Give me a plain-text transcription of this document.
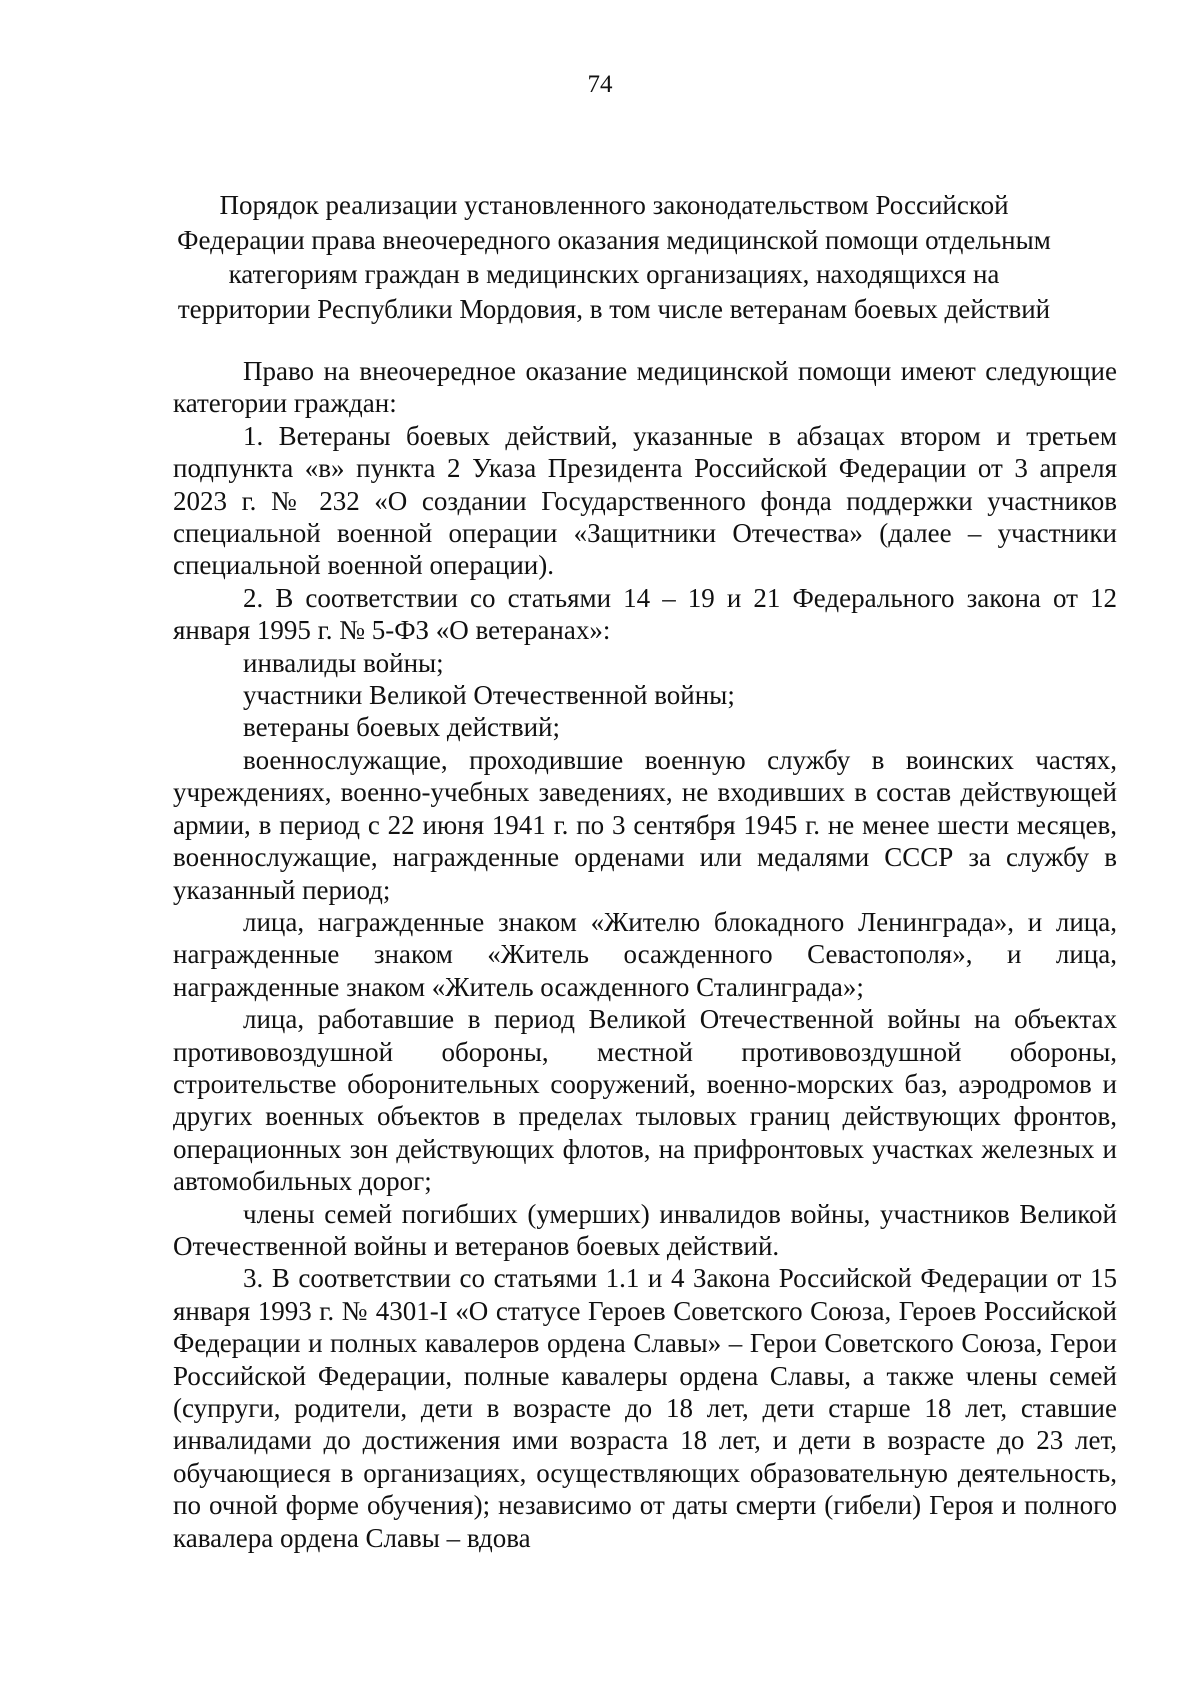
74
Порядок реализации установленного законодательством Российской
Федерации права внеочередного оказания медицинской помощи отдельным
категориям граждан в медицинских организациях, находящихся на
территории Республики Мордовия, в том числе ветеранам боевых действий

Право на внеочередное оказание медицинской помощи имеют следующие категории граждан:

1. Ветераны боевых действий, указанные в абзацах втором и третьем подпункта «в» пункта 2 Указа Президента Российской Федерации от 3 апреля 2023 г. № 232 «О создании Государственного фонда поддержки участников специальной военной операции «Защитники Отечества» (далее – участники специальной военной операции).

2. В соответствии со статьями 14 – 19 и 21 Федерального закона от 12 января 1995 г. № 5-ФЗ «О ветеранах»:

инвалиды войны;

участники Великой Отечественной войны;

ветераны боевых действий;

военнослужащие, проходившие военную службу в воинских частях, учреждениях, военно-учебных заведениях, не входивших в состав действующей армии, в период с 22 июня 1941 г. по 3 сентября 1945 г. не менее шести месяцев, военнослужащие, награжденные орденами или медалями СССР за службу в указанный период;

лица, награжденные знаком «Жителю блокадного Ленинграда», и лица, награжденные знаком «Житель осажденного Севастополя», и лица, награжденные знаком «Житель осажденного Сталинграда»;

лица, работавшие в период Великой Отечественной войны на объектах противовоздушной обороны, местной противовоздушной обороны, строительстве оборонительных сооружений, военно-морских баз, аэродромов и других военных объектов в пределах тыловых границ действующих фронтов, операционных зон действующих флотов, на прифронтовых участках железных и автомобильных дорог;

члены семей погибших (умерших) инвалидов войны, участников Великой Отечественной войны и ветеранов боевых действий.

3. В соответствии со статьями 1.1 и 4 Закона Российской Федерации от 15 января 1993 г. № 4301-I «О статусе Героев Советского Союза, Героев Российской Федерации и полных кавалеров ордена Славы» – Герои Советского Союза, Герои Российской Федерации, полные кавалеры ордена Славы, а также члены семей (супруги, родители, дети в возрасте до 18 лет, дети старше 18 лет, ставшие инвалидами до достижения ими возраста 18 лет, и дети в возрасте до 23 лет, обучающиеся в организациях, осуществляющих образовательную деятельность, по очной форме обучения); независимо от даты смерти (гибели) Героя и полного кавалера ордена Славы – вдова
